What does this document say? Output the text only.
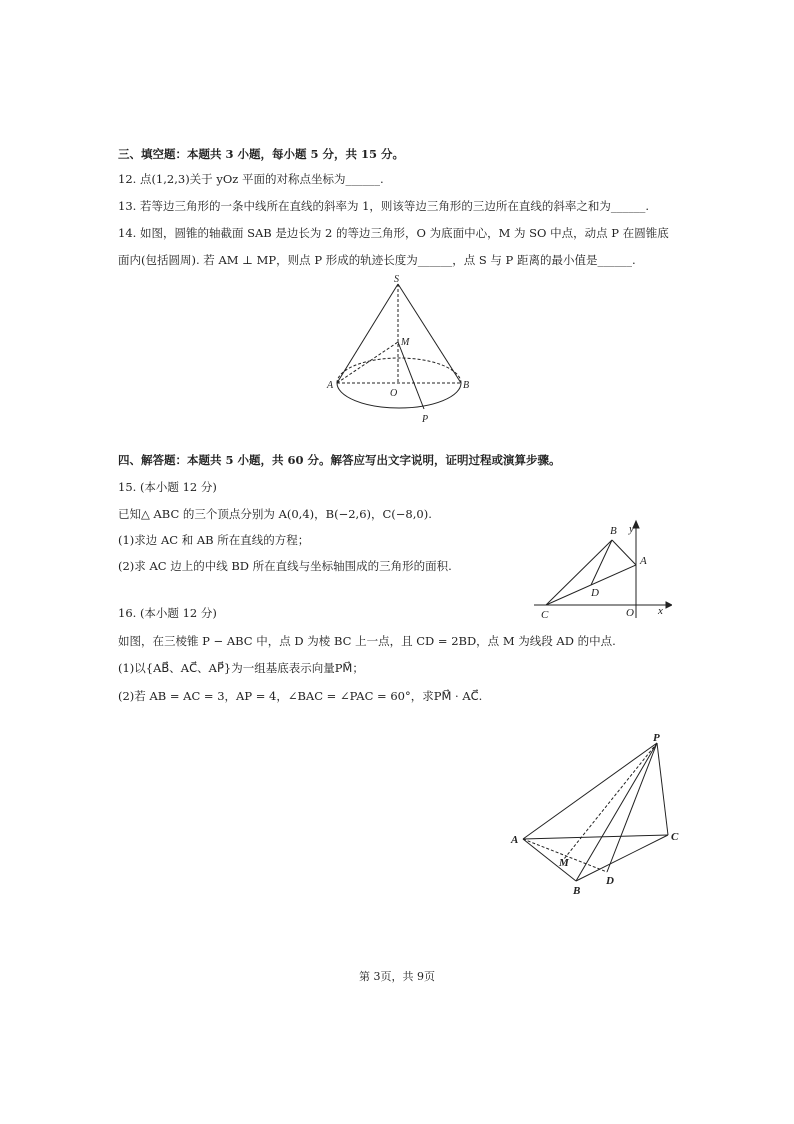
三、填空题：本题共 3 小题，每小题 5 分，共 15 分。
12. 点(1,2,3)关于 yOz 平面的对称点坐标为______.
13. 若等边三角形的一条中线所在直线的斜率为 1，则该等边三角形的三边所在直线的斜率之和为______.
14. 如图，圆锥的轴截面 SAB 是边长为 2 的等边三角形，O 为底面中心，M 为 SO 中点，动点 P 在圆锥底
面内(包括圆周). 若 AM ⊥ MP，则点 P 形成的轨迹长度为______，点 S 与 P 距离的最小值是______.
S
M
A	B
O
P
四、解答题：本题共 5 小题，共 60 分。解答应写出文字说明，证明过程或演算步骤。
15. (本小题 12 分)
已知△ ABC 的三个顶点分别为 A(0,4)，B(−2,6)，C(−8,0).
(1)求边 AC 和 AB 所在直线的方程；
(2)求 AC 边上的中线 BD 所在直线与坐标轴围成的三角形的面积.
B y
A
D
C	O x
16. (本小题 12 分)
如图，在三棱锥 P − ABC 中，点 D 为棱 BC 上一点，且 CD = 2BD，点 M 为线段 AD 的中点.
(1)以{AB⃗、AC⃗、AP⃗}为一组基底表示向量PM⃗；
(2)若 AB = AC = 3，AP = 4，∠BAC = ∠PAC = 60°，求PM⃗ · AC⃗.
P
A	C
M
D
B
第 3页，共 9页
